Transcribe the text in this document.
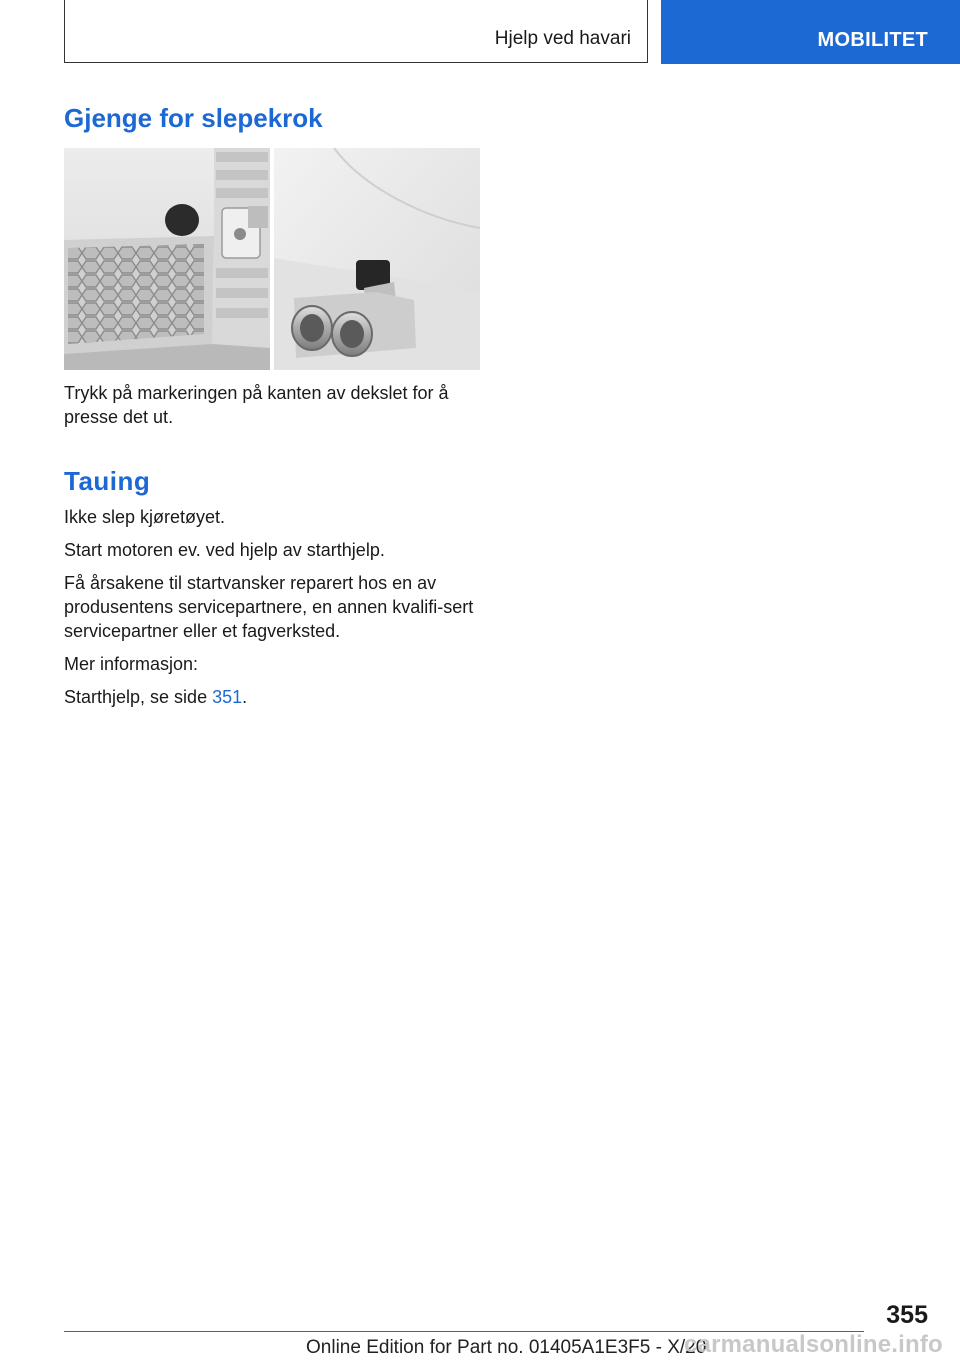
Hjelp ved havari	MOBILITET
Gjenge for slepekrok

Trykk på markeringen på kanten av dekslet for å presse det ut.

Tauing

Ikke slep kjøretøyet.

Start motoren ev. ved hjelp av starthjelp.

Få årsakene til startvansker reparert hos en av produsentens servicepartnere, en annen kvalifi-sert servicepartner eller et fagverksted.

Mer informasjon:

Starthjelp, se side 351.

355
Online Edition for Part no. 01405A1E3F5 - X/20
carmanualsonline.info
